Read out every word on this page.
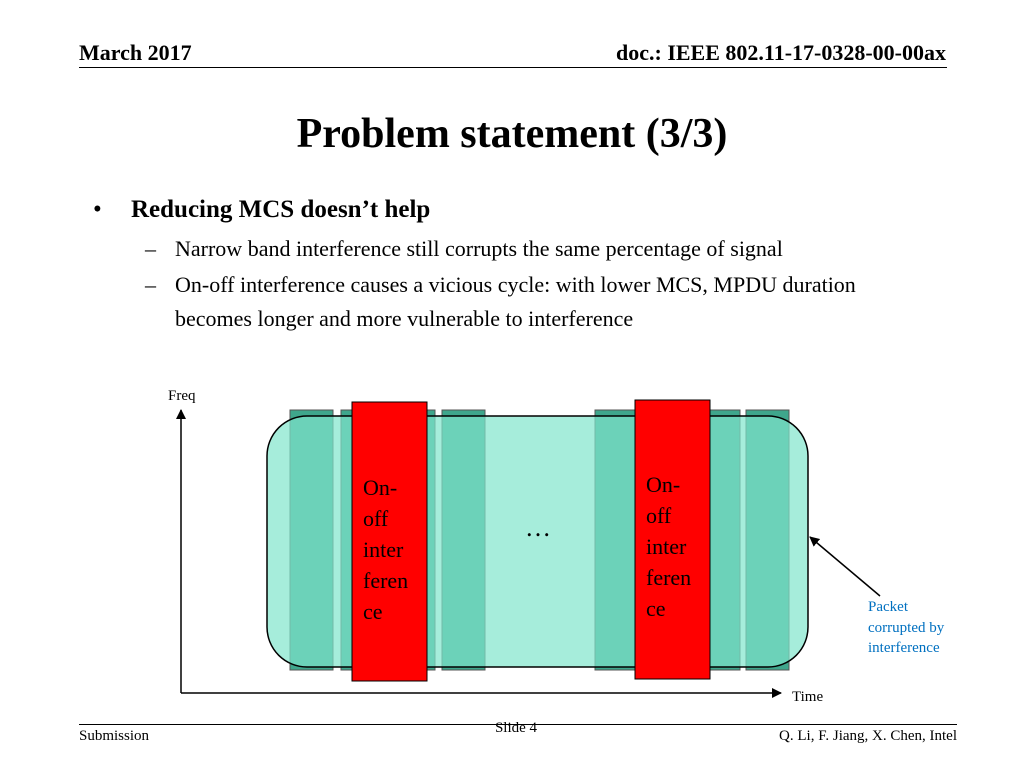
March 2017	doc.: IEEE 802.11-17-0328-00-00ax
Problem statement (3/3)
• Reducing MCS doesn’t help
– Narrow band interference still corrupts the same percentage of signal
– On-off interference causes a vicious cycle: with lower MCS, MPDU duration becomes longer and more vulnerable to interference
On- off inter feren ce
On- off inter feren ce
…
Freq
Time
Packet corrupted by interference
Submission	Slide 4	Q. Li, F. Jiang, X. Chen, Intel
